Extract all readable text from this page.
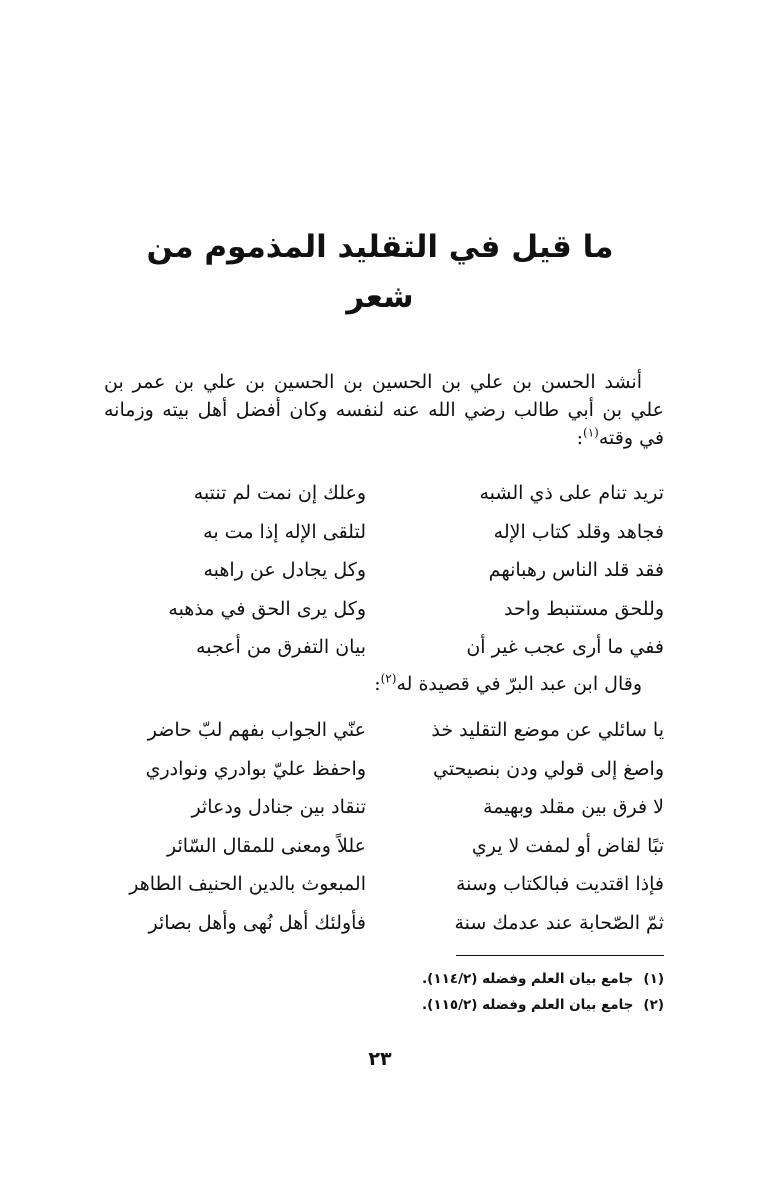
ما قيل في التقليد المذموم من شعر

أنشد الحسن بن علي بن الحسين بن الحسين بن علي بن عمر بن علي بن أبي طالب رضي الله عنه لنفسه وكان أفضل أهل بيته وزمانه في وقته$^{(١)}$:

تريد تنام على ذي الشبه
وعلك إن نمت لم تنتبه
فجاهد وقلد كتاب الإله
لتلقى الإله إذا مت به
فقد قلد الناس رهبانهم
وكل يجادل عن راهبه
وللحق مستنبط واحد
وكل يرى الحق في مذهبه
ففي ما أرى عجب غير أن
بيان التفرق من أعجبه

وقال ابن عبد البرّ في قصيدة له$^{(٢)}$:

يا سائلي عن موضع التقليد خذ
عنّي الجواب بفهم لبّ حاضر
واصغ إلى قولي ودن بنصيحتي
واحفظ عليّ بوادري ونوادري
لا فرق بين مقلد وبهيمة
تنقاد بين جنادل ودعاثر
تبًا لقاض أو لمفت لا يري
عللاً ومعنى للمقال السّائر
فإذا اقتديت فبالكتاب وسنة
المبعوث بالدين الحنيف الطاهر
ثمّ الصّحابة عند عدمك سنة
فأولئك أهل نُهى وأهل بصائر
(١)جامع بيان العلم وفضله (١١٤/٢).
(٢)جامع بيان العلم وفضله (١١٥/٢).
٢٣
